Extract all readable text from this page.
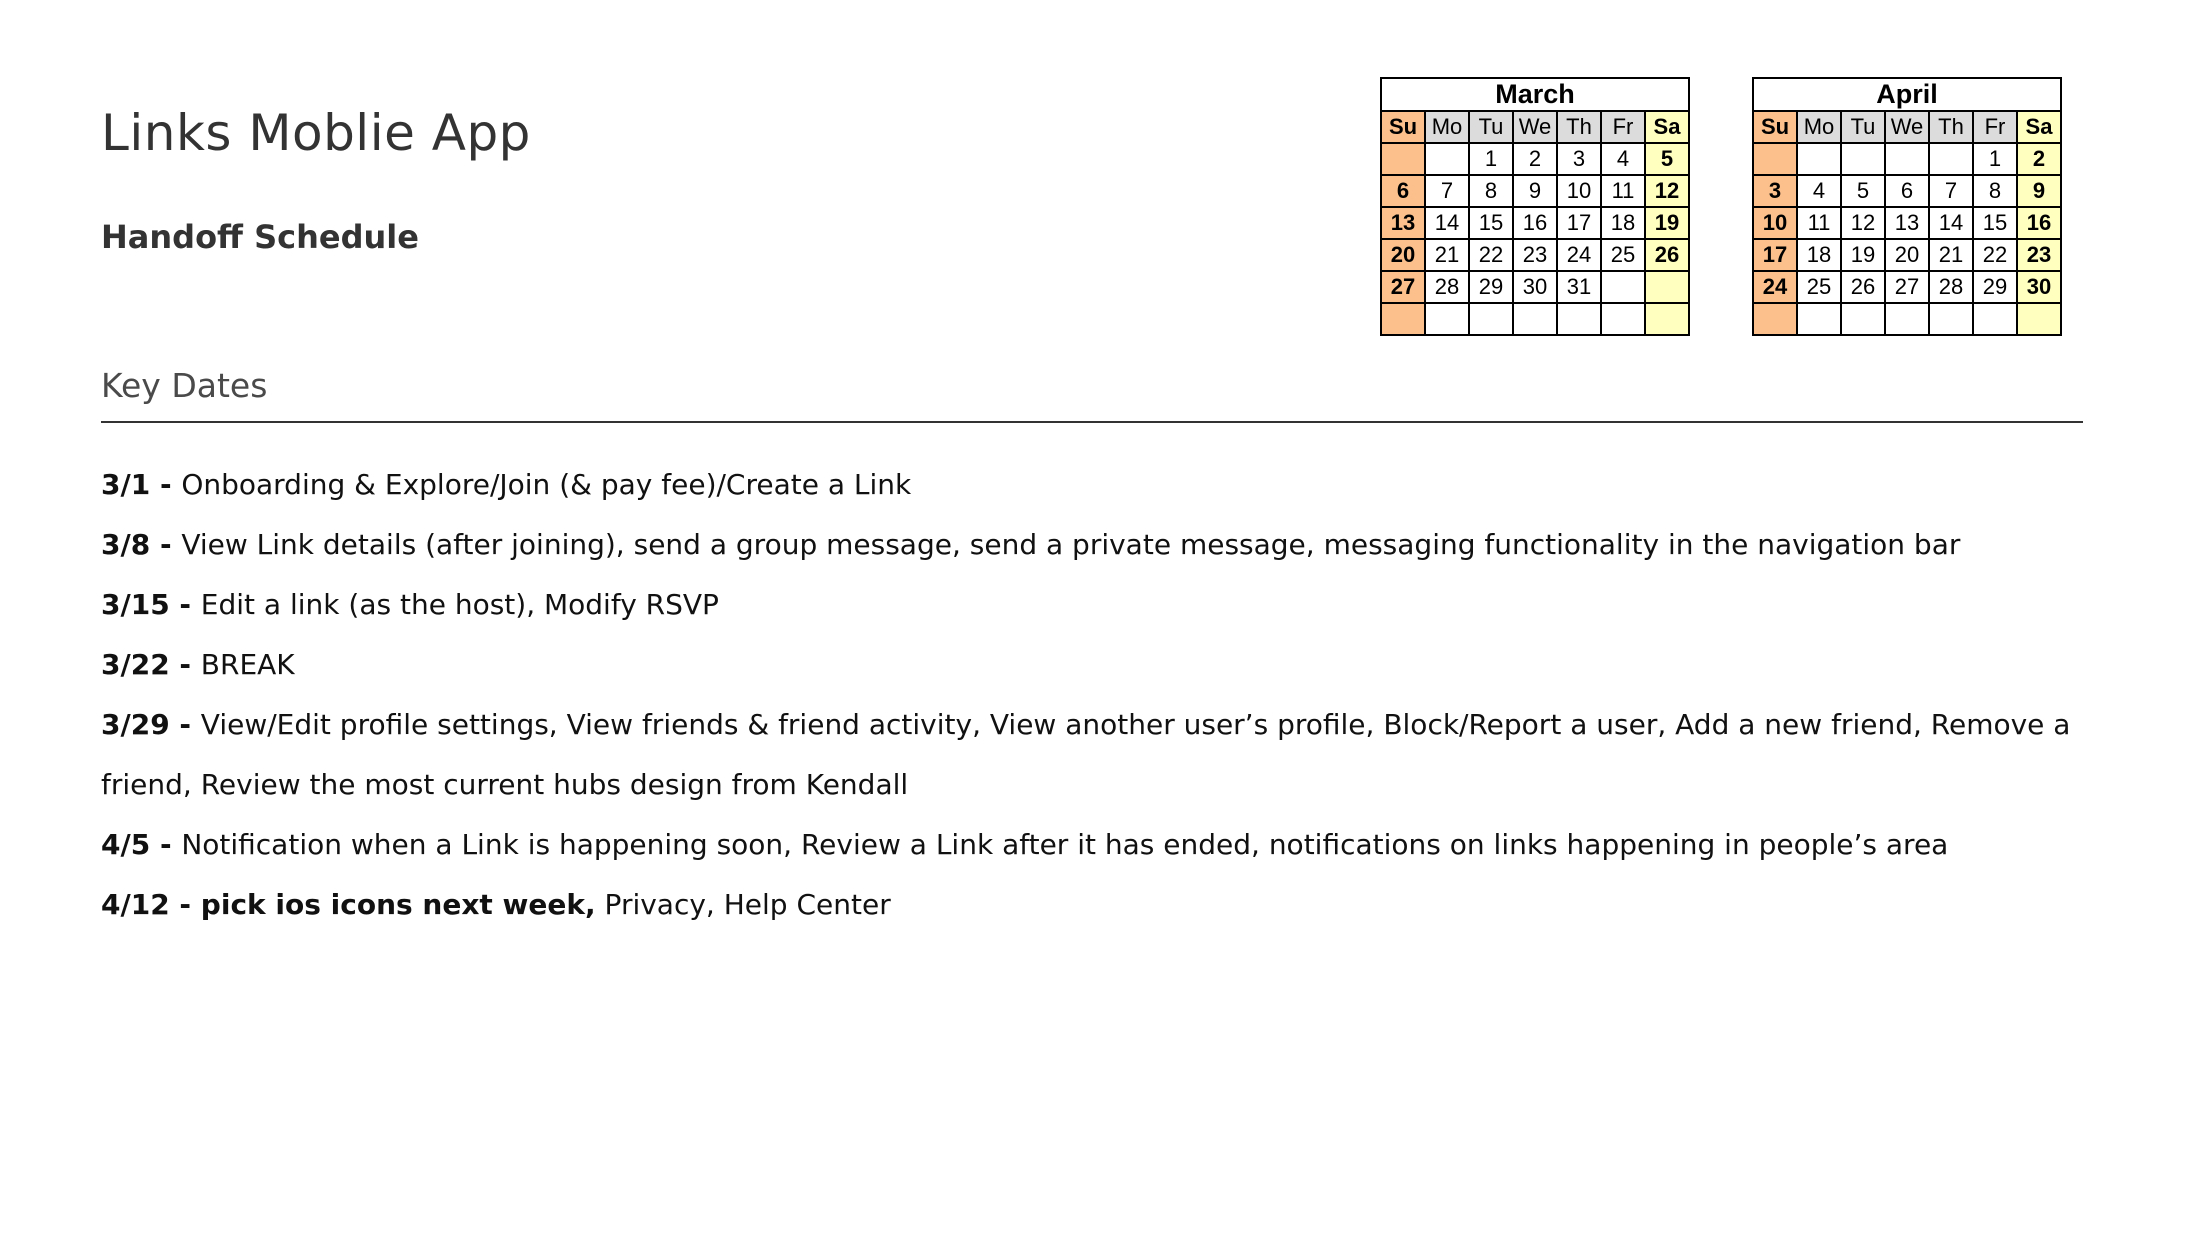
Links Moblie App
Handoff Schedule
March						
Su	Mo	Tu	We	Th	Fr	Sa
		1	2	3	4	5
6	7	8	9	10	11	12
13	14	15	16	17	18	19
20	21	22	23	24	25	26
27	28	29	30	31		

April						
Su	Mo	Tu	We	Th	Fr	Sa
					1	2
3	4	5	6	7	8	9
10	11	12	13	14	15	16
17	18	19	20	21	22	23
24	25	26	27	28	29	30

Key Dates
3/1 - Onboarding & Explore/Join (& pay fee)/Create a Link
3/8 - View Link details (after joining), send a group message, send a private message, messaging functionality in the navigation bar
3/15 - Edit a link (as the host), Modify RSVP
3/22 - BREAK
3/29 - View/Edit profile settings, View friends & friend activity, View another user’s profile, Block/Report a user, Add a new friend, Remove a friend, Review the most current hubs design from Kendall
4/5 - Notification when a Link is happening soon, Review a Link after it has ended, notifications on links happening in people’s area
4/12 - pick ios icons next week, Privacy, Help Center
